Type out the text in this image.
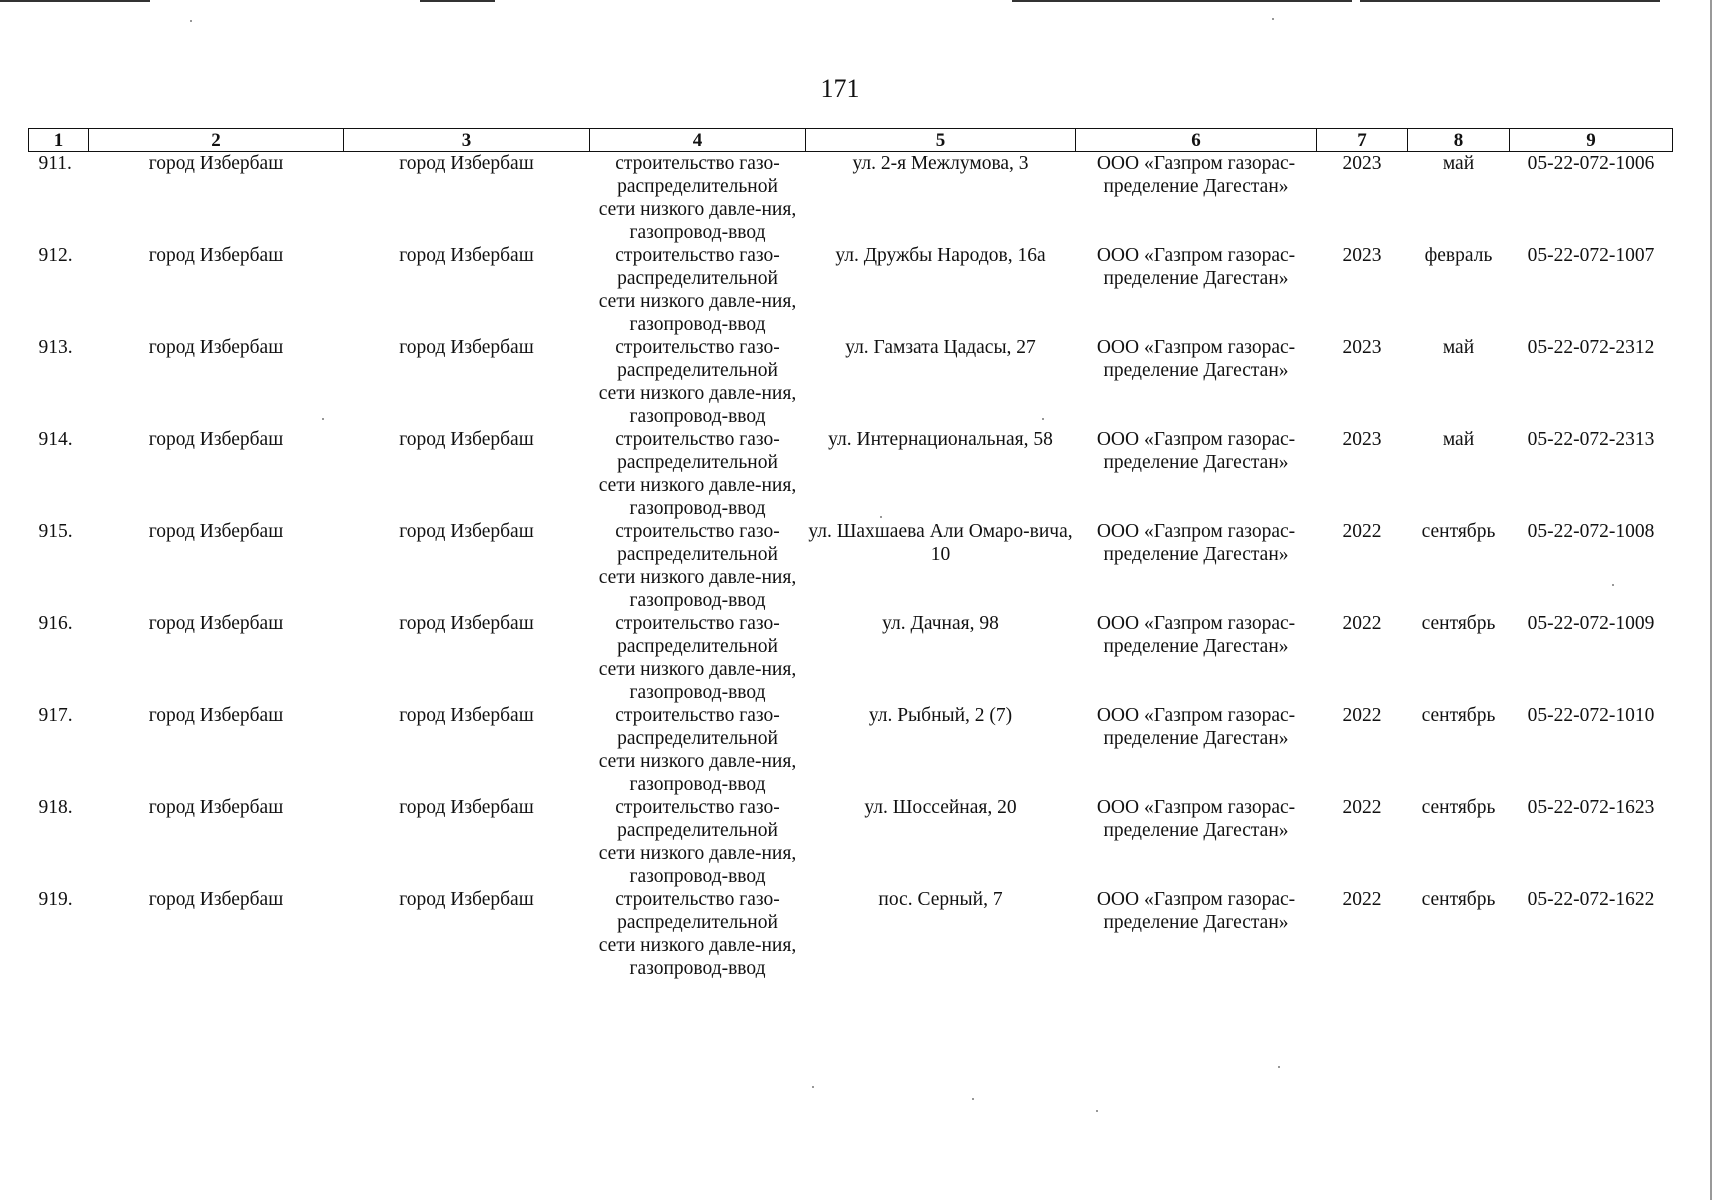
171
1	2	3	4	5	6	7	8	9
911.	город Избербаш	город Избербаш	строительство газо-распределительной сети низкого давле-ния, газопровод-ввод	ул. 2-я Межлумова, 3	ООО «Газпром газорас-пределение Дагестан»	2023	май	05-22-072-1006
912.	город Избербаш	город Избербаш	строительство газо-распределительной сети низкого давле-ния, газопровод-ввод	ул. Дружбы Народов, 16а	ООО «Газпром газорас-пределение Дагестан»	2023	февраль	05-22-072-1007
913.	город Избербаш	город Избербаш	строительство газо-распределительной сети низкого давле-ния, газопровод-ввод	ул. Гамзата Цадасы, 27	ООО «Газпром газорас-пределение Дагестан»	2023	май	05-22-072-2312
914.	город Избербаш	город Избербаш	строительство газо-распределительной сети низкого давле-ния, газопровод-ввод	ул. Интернациональная, 58	ООО «Газпром газорас-пределение Дагестан»	2023	май	05-22-072-2313
915.	город Избербаш	город Избербаш	строительство газо-распределительной сети низкого давле-ния, газопровод-ввод	ул. Шахшаева Али Омаро-вича, 10	ООО «Газпром газорас-пределение Дагестан»	2022	сентябрь	05-22-072-1008
916.	город Избербаш	город Избербаш	строительство газо-распределительной сети низкого давле-ния, газопровод-ввод	ул. Дачная, 98	ООО «Газпром газорас-пределение Дагестан»	2022	сентябрь	05-22-072-1009
917.	город Избербаш	город Избербаш	строительство газо-распределительной сети низкого давле-ния, газопровод-ввод	ул. Рыбный, 2 (7)	ООО «Газпром газорас-пределение Дагестан»	2022	сентябрь	05-22-072-1010
918.	город Избербаш	город Избербаш	строительство газо-распределительной сети низкого давле-ния, газопровод-ввод	ул. Шоссейная, 20	ООО «Газпром газорас-пределение Дагестан»	2022	сентябрь	05-22-072-1623
919.	город Избербаш	город Избербаш	строительство газо-распределительной сети низкого давле-ния, газопровод-ввод	пос. Серный, 7	ООО «Газпром газорас-пределение Дагестан»	2022	сентябрь	05-22-072-1622
